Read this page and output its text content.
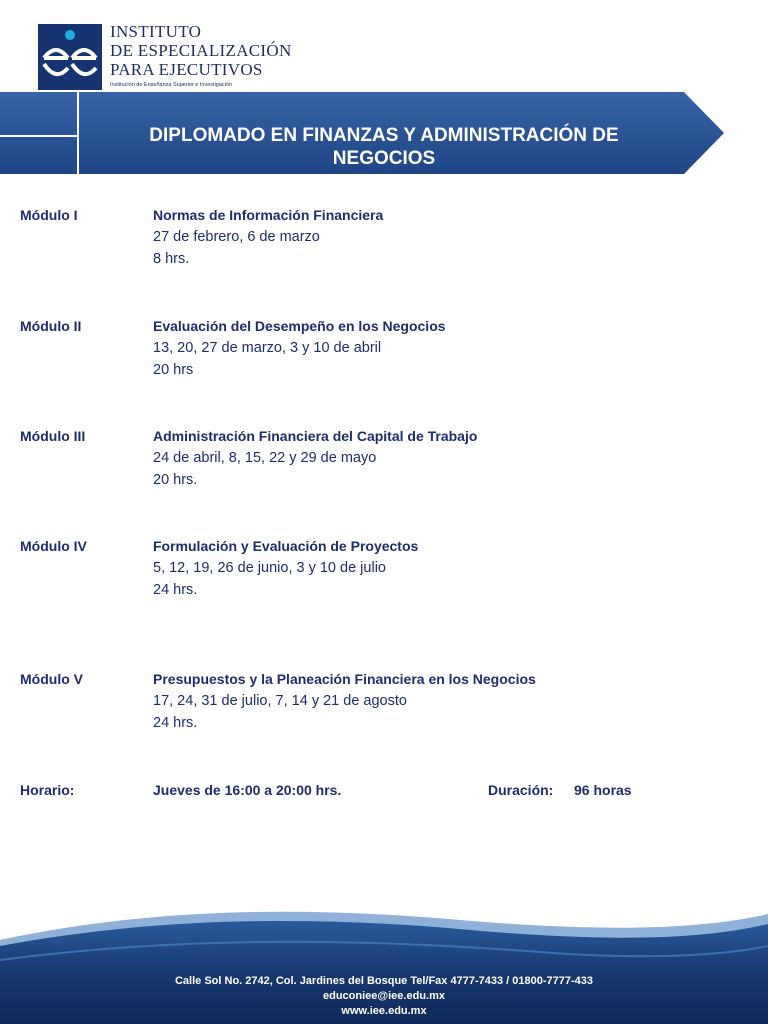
INSTITUTO
DE ESPECIALIZACIÓN
PARA EJECUTIVOS
Institución de Enseñanza Superior e Investigación
DIPLOMADO EN FINANZAS Y ADMINISTRACIÓN DE
NEGOCIOS
Módulo I	Normas de Información Financiera
27 de febrero, 6 de marzo
8 hrs.
Módulo II	Evaluación del Desempeño en los Negocios
13, 20, 27 de marzo, 3 y 10 de abril
20 hrs
Módulo III	Administración Financiera del Capital de Trabajo
24 de abril, 8, 15, 22 y 29 de mayo
20 hrs.
Módulo IV	Formulación y Evaluación de Proyectos
5, 12, 19, 26 de junio, 3 y 10 de julio
24 hrs.
Módulo V	Presupuestos y la Planeación Financiera en los Negocios
17, 24, 31 de julio, 7, 14 y 21 de agosto
24 hrs.
Horario:	Jueves de 16:00 a 20:00 hrs.	Duración: 96 horas
Calle Sol No. 2742, Col. Jardines del Bosque Tel/Fax 4777-7433 / 01800-7777-433
educoniee@iee.edu.mx
www.iee.edu.mx
